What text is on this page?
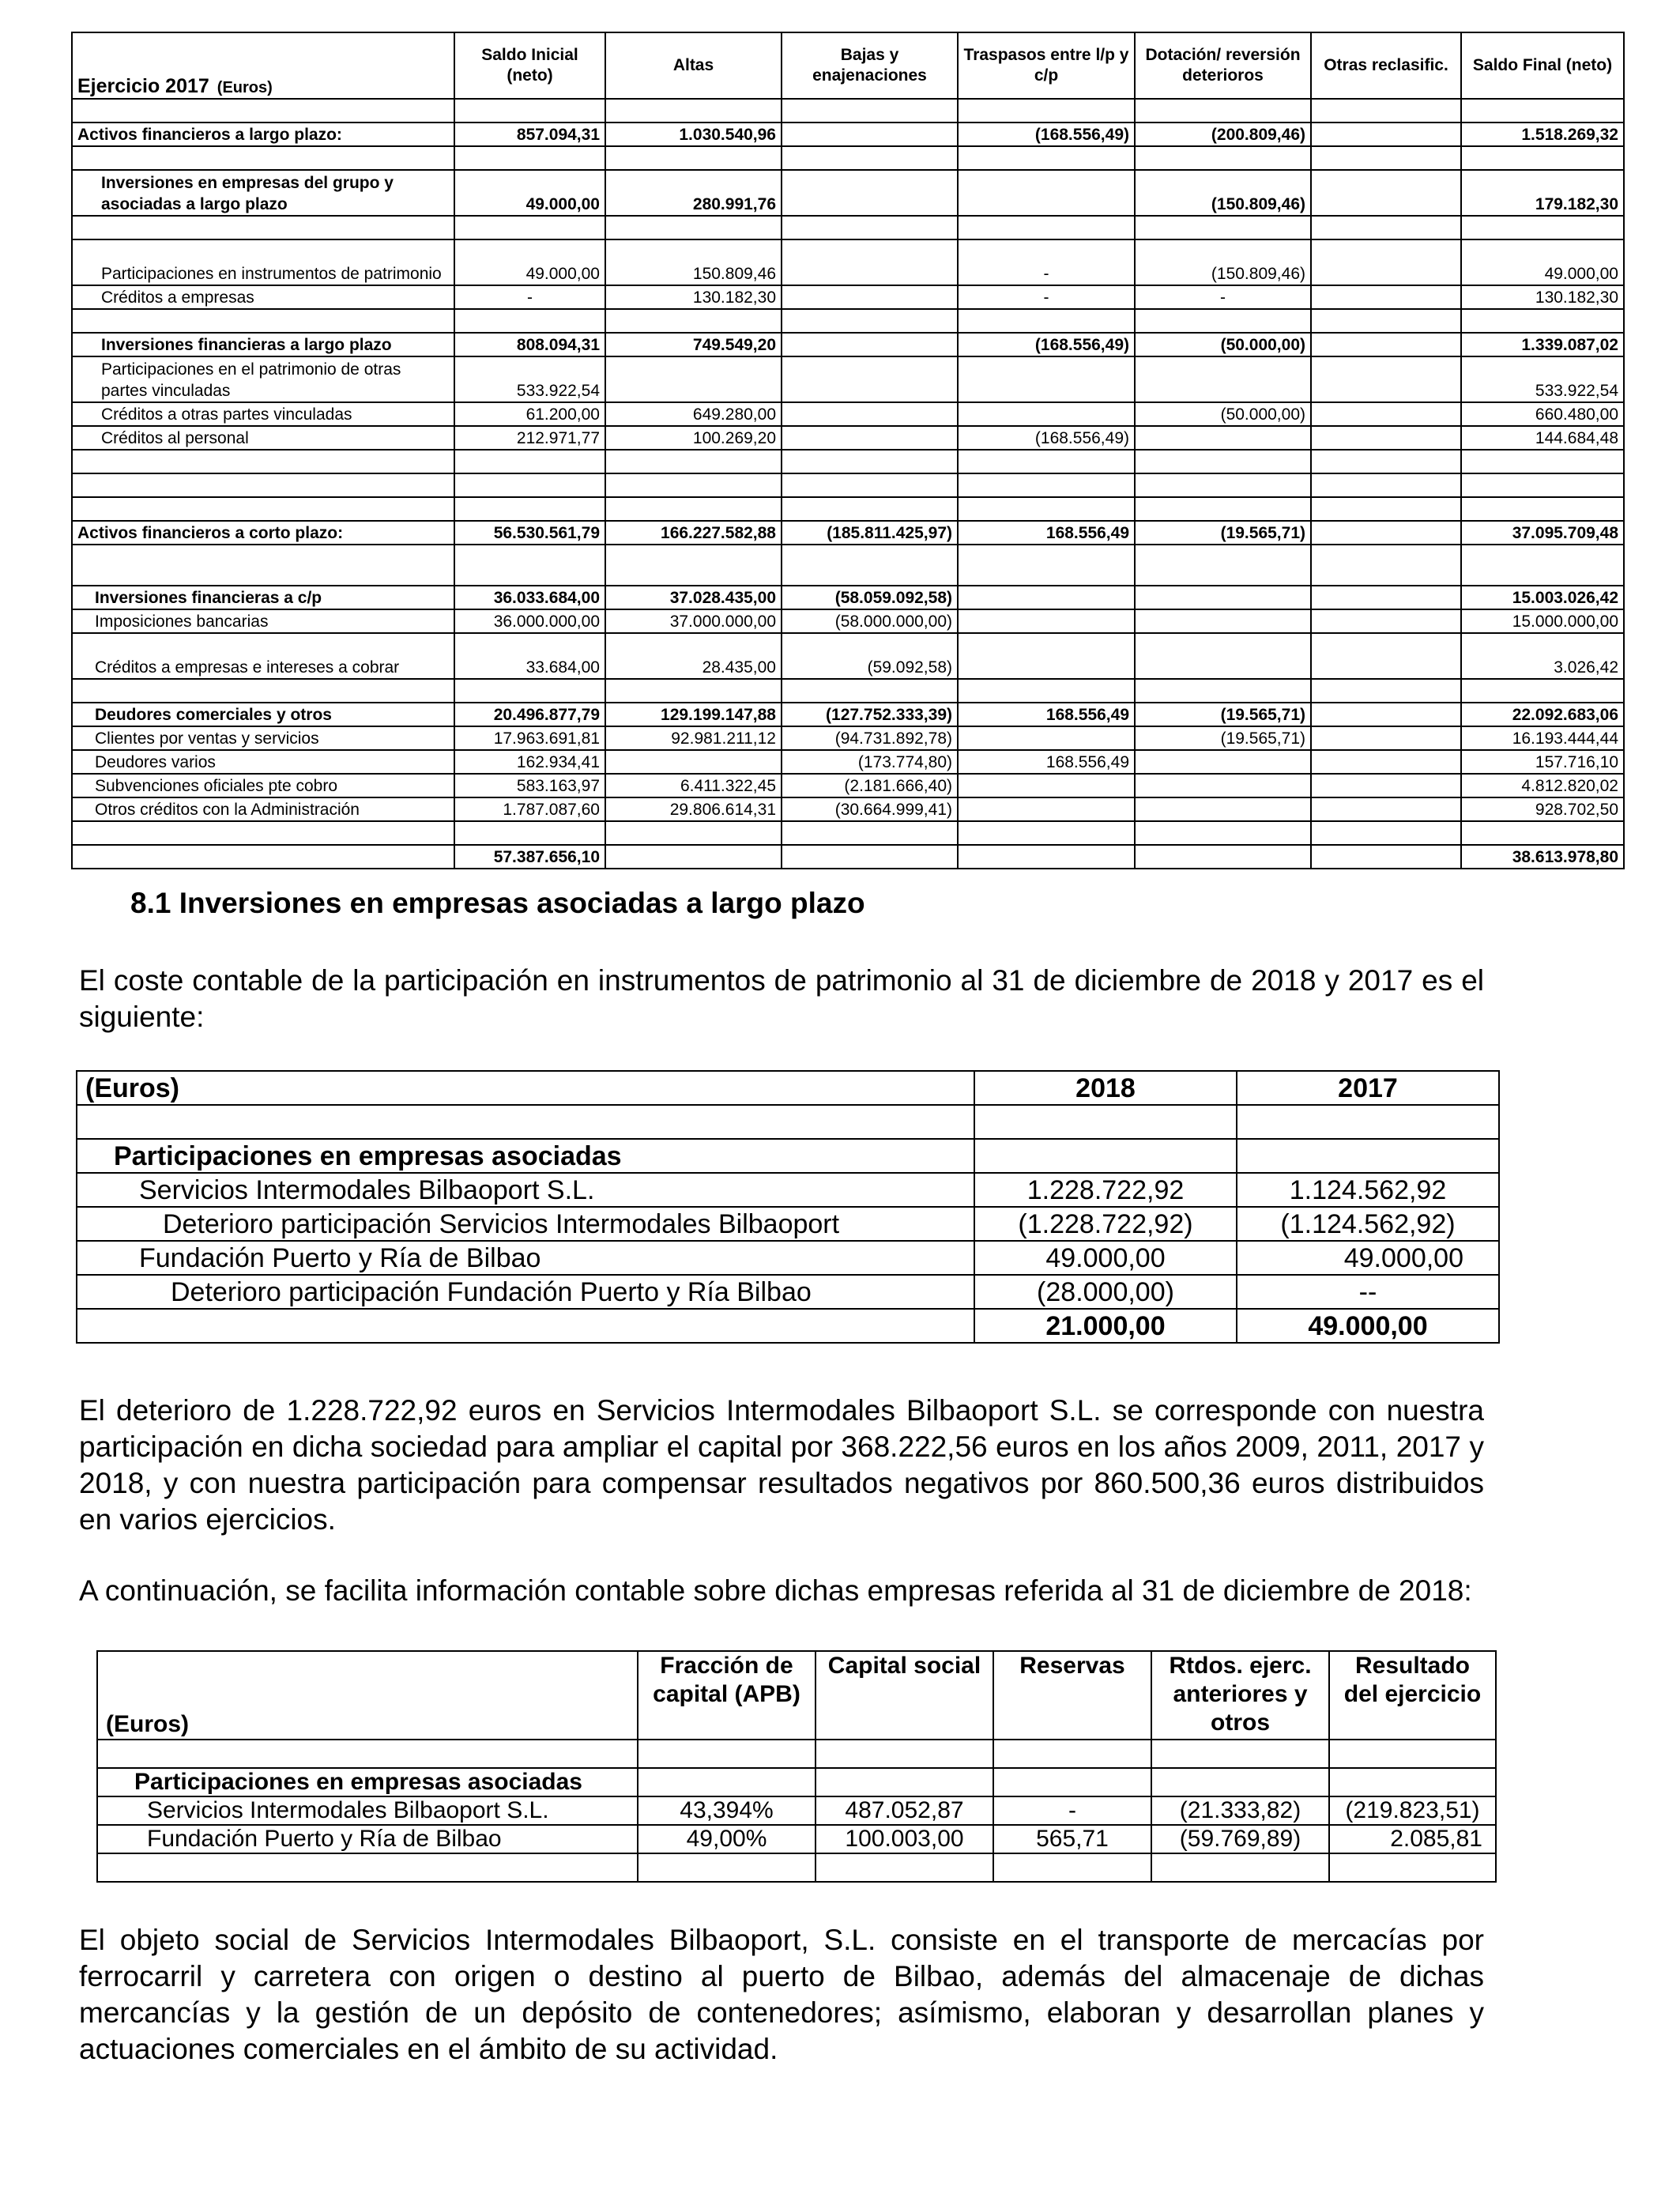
Ejercicio 2017 (Euros)	Saldo Inicial (neto)	Altas	Bajas y enajenaciones	Traspasos entre l/p y c/p	Dotación/ reversión deterioros	Otras reclasific.	Saldo Final (neto)

Activos financieros a largo plazo:	857.094,31	1.030.540,96		(168.556,49)	(200.809,46)		1.518.269,32

Inversiones en empresas del grupo y asociadas a largo plazo	49.000,00	280.991,76			(150.809,46)		179.182,30

Participaciones en instrumentos de patrimonio	49.000,00	150.809,46		-	(150.809,46)		49.000,00
Créditos a empresas	-	130.182,30		-	-		130.182,30

Inversiones financieras a largo plazo	808.094,31	749.549,20		(168.556,49)	(50.000,00)		1.339.087,02
Participaciones en el patrimonio de otras partes vinculadas	533.922,54						533.922,54
Créditos a otras partes vinculadas	61.200,00	649.280,00			(50.000,00)		660.480,00
Créditos al personal	212.971,77	100.269,20		(168.556,49)			144.684,48

Activos financieros a corto plazo:	56.530.561,79	166.227.582,88	(185.811.425,97)	168.556,49	(19.565,71)		37.095.709,48

Inversiones financieras a c/p	36.033.684,00	37.028.435,00	(58.059.092,58)				15.003.026,42
Imposiciones bancarias	36.000.000,00	37.000.000,00	(58.000.000,00)				15.000.000,00
Créditos a empresas e intereses a cobrar	33.684,00	28.435,00	(59.092,58)				3.026,42

Deudores comerciales y otros	20.496.877,79	129.199.147,88	(127.752.333,39)	168.556,49	(19.565,71)		22.092.683,06
Clientes por ventas y servicios	17.963.691,81	92.981.211,12	(94.731.892,78)		(19.565,71)		16.193.444,44
Deudores varios	162.934,41		(173.774,80)	168.556,49			157.716,10
Subvenciones oficiales pte cobro	583.163,97	6.411.322,45	(2.181.666,40)				4.812.820,02
Otros créditos con la Administración	1.787.087,60	29.806.614,31	(30.664.999,41)				928.702,50

	57.387.656,10						38.613.978,80
8.1 Inversiones en empresas asociadas a largo plazo
El coste contable de la participación en instrumentos de patrimonio al 31 de diciembre de 2018 y 2017 es el siguiente:
(Euros)	2018	2017

Participaciones en empresas asociadas		
Servicios Intermodales Bilbaoport S.L.	1.228.722,92	1.124.562,92
Deterioro participación Servicios Intermodales Bilbaoport	(1.228.722,92)	(1.124.562,92)
Fundación Puerto y Ría de Bilbao	49.000,00	49.000,00
Deterioro participación Fundación Puerto y Ría Bilbao	(28.000,00)	--
	21.000,00	49.000,00
El deterioro de 1.228.722,92 euros en Servicios Intermodales Bilbaoport S.L. se corresponde con nuestra participación en dicha sociedad para ampliar el capital por 368.222,56 euros en los años 2009, 2011, 2017 y 2018, y con nuestra participación para compensar resultados negativos por 860.500,36 euros distribuidos en varios ejercicios.
A continuación, se facilita información contable sobre dichas empresas referida al 31 de diciembre de 2018:
(Euros)	Fracción de capital (APB)	Capital social	Reservas	Rtdos. ejerc. anteriores y otros	Resultado del ejercicio

Participaciones en empresas asociadas					
Servicios Intermodales Bilbaoport S.L.	43,394%	487.052,87	-	(21.333,82)	(219.823,51)
Fundación Puerto y Ría de Bilbao	49,00%	100.003,00	565,71	(59.769,89)	2.085,81

El objeto social de Servicios Intermodales Bilbaoport, S.L. consiste en el transporte de mercacías por ferrocarril y carretera con origen o destino al puerto de Bilbao, además del almacenaje de dichas mercancías y la gestión de un depósito de contenedores; asímismo, elaboran y desarrollan planes y actuaciones comerciales en el ámbito de su actividad.
